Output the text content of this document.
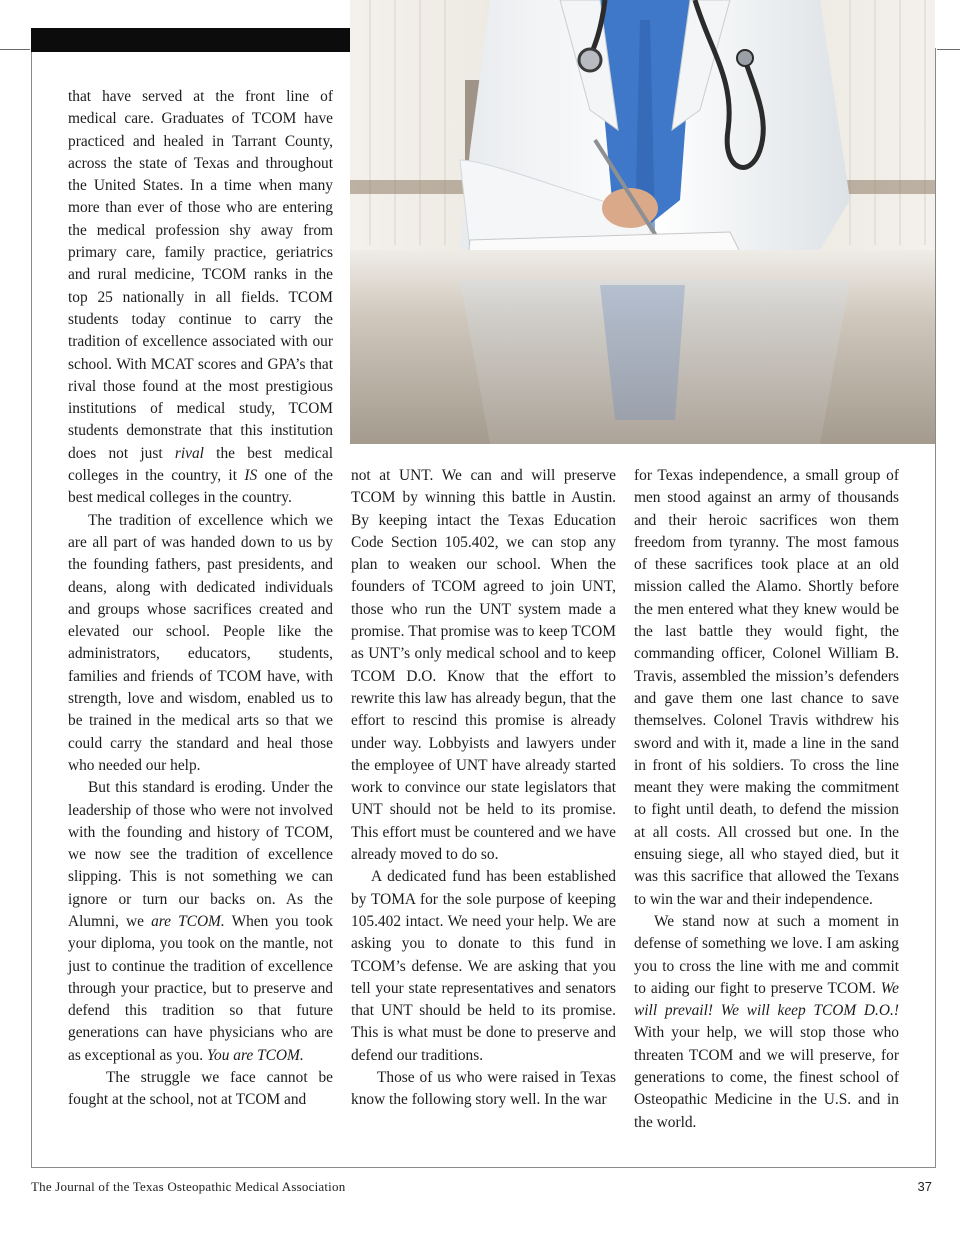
that have served at the front line of medical care. Graduates of TCOM have practiced and healed in Tarrant County, across the state of Texas and throughout the United States. In a time when many more than ever of those who are entering the medical profession shy away from primary care, family practice, geriatrics and rural medicine, TCOM ranks in the top 25 nationally in all fields. TCOM students today continue to carry the tradition of excellence associated with our school. With MCAT scores and GPA’s that rival those found at the most prestigious institutions of medical study, TCOM students demonstrate that this institution does not just rival the best medical colleges in the country, it IS one of the best medical colleges in the country.

The tradition of excellence which we are all part of was handed down to us by the founding fathers, past presidents, and deans, along with dedicated individuals and groups whose sacrifices created and elevated our school. People like the administrators, educators, students, families and friends of TCOM have, with strength, love and wisdom, enabled us to be trained in the medical arts so that we could carry the standard and heal those who needed our help.

But this standard is eroding. Under the leadership of those who were not involved with the founding and history of TCOM, we now see the tradition of excellence slipping. This is not something we can ignore or turn our backs on. As the Alumni, we are TCOM. When you took your diploma, you took on the mantle, not just to continue the tradition of excellence through your practice, but to preserve and defend this tradition so that future generations can have physicians who are as exceptional as you. You are TCOM.

The struggle we face cannot be fought at the school, not at TCOM and

not at UNT. We can and will preserve TCOM by winning this battle in Austin. By keeping intact the Texas Education Code Section 105.402, we can stop any plan to weaken our school. When the founders of TCOM agreed to join UNT, those who run the UNT system made a promise. That promise was to keep TCOM as UNT’s only medical school and to keep TCOM D.O. Know that the effort to rewrite this law has already begun, that the effort to rescind this promise is already under way. Lobbyists and lawyers under the employee of UNT have already started work to convince our state legislators that UNT should not be held to its promise. This effort must be countered and we have already moved to do so.

A dedicated fund has been established by TOMA for the sole purpose of keeping 105.402 intact. We need your help. We are asking you to donate to this fund in TCOM’s defense. We are asking that you tell your state representatives and senators that UNT should be held to its promise. This is what must be done to preserve and defend our traditions.

Those of us who were raised in Texas know the following story well. In the war

for Texas independence, a small group of men stood against an army of thousands and their heroic sacrifices won them freedom from tyranny. The most famous of these sacrifices took place at an old mission called the Alamo. Shortly before the men entered what they knew would be the last battle they would fight, the commanding officer, Colonel William B. Travis, assembled the mission’s defenders and gave them one last chance to save themselves. Colonel Travis withdrew his sword and with it, made a line in the sand in front of his soldiers. To cross the line meant they were making the commitment to fight until death, to defend the mission at all costs. All crossed but one. In the ensuing siege, all who stayed died, but it was this sacrifice that allowed the Texans to win the war and their independence.

We stand now at such a moment in defense of something we love. I am asking you to cross the line with me and commit to aiding our fight to preserve TCOM. We will prevail! We will keep TCOM D.O.! With your help, we will stop those who threaten TCOM and we will preserve, for generations to come, the finest school of Osteopathic Medicine in the U.S. and in the world.

The Journal of the Texas Osteopathic Medical Association	37
